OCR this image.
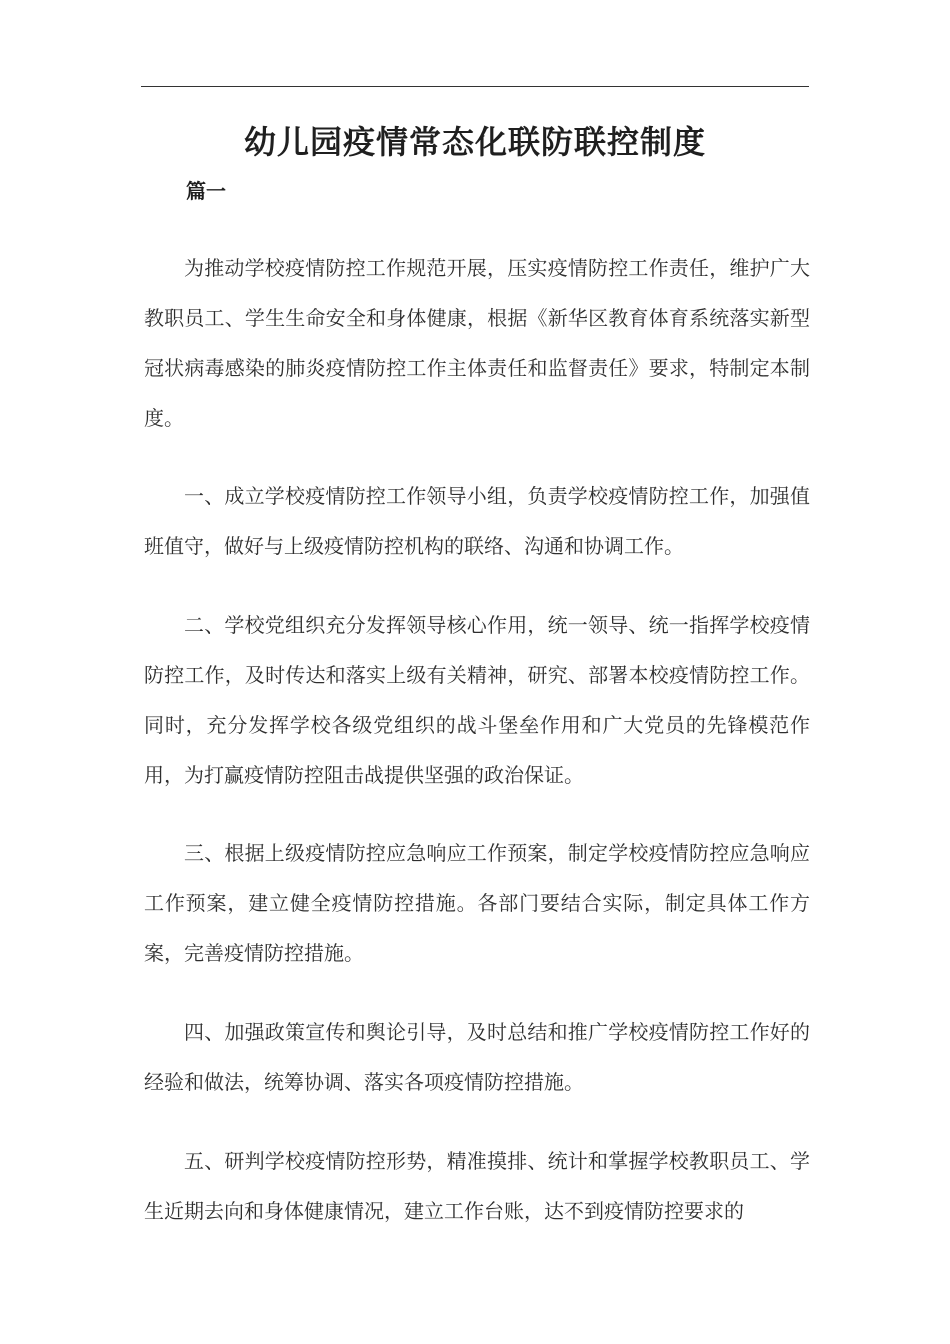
幼儿园疫情常态化联防联控制度
篇一

为推动学校疫情防控工作规范开展，压实疫情防控工作责任，维护广大教职员工、学生生命安全和身体健康，根据《新华区教育体育系统落实新型冠状病毒感染的肺炎疫情防控工作主体责任和监督责任》要求，特制定本制度。

一、成立学校疫情防控工作领导小组，负责学校疫情防控工作，加强值班值守，做好与上级疫情防控机构的联络、沟通和协调工作。

二、学校党组织充分发挥领导核心作用，统一领导、统一指挥学校疫情防控工作，及时传达和落实上级有关精神，研究、部署本校疫情防控工作。同时，充分发挥学校各级党组织的战斗堡垒作用和广大党员的先锋模范作用，为打赢疫情防控阻击战提供坚强的政治保证。

三、根据上级疫情防控应急响应工作预案，制定学校疫情防控应急响应工作预案，建立健全疫情防控措施。各部门要结合实际，制定具体工作方案，完善疫情防控措施。

四、加强政策宣传和舆论引导，及时总结和推广学校疫情防控工作好的经验和做法，统筹协调、落实各项疫情防控措施。

五、研判学校疫情防控形势，精准摸排、统计和掌握学校教职员工、学生近期去向和身体健康情况，建立工作台账，达不到疫情防控要求的
